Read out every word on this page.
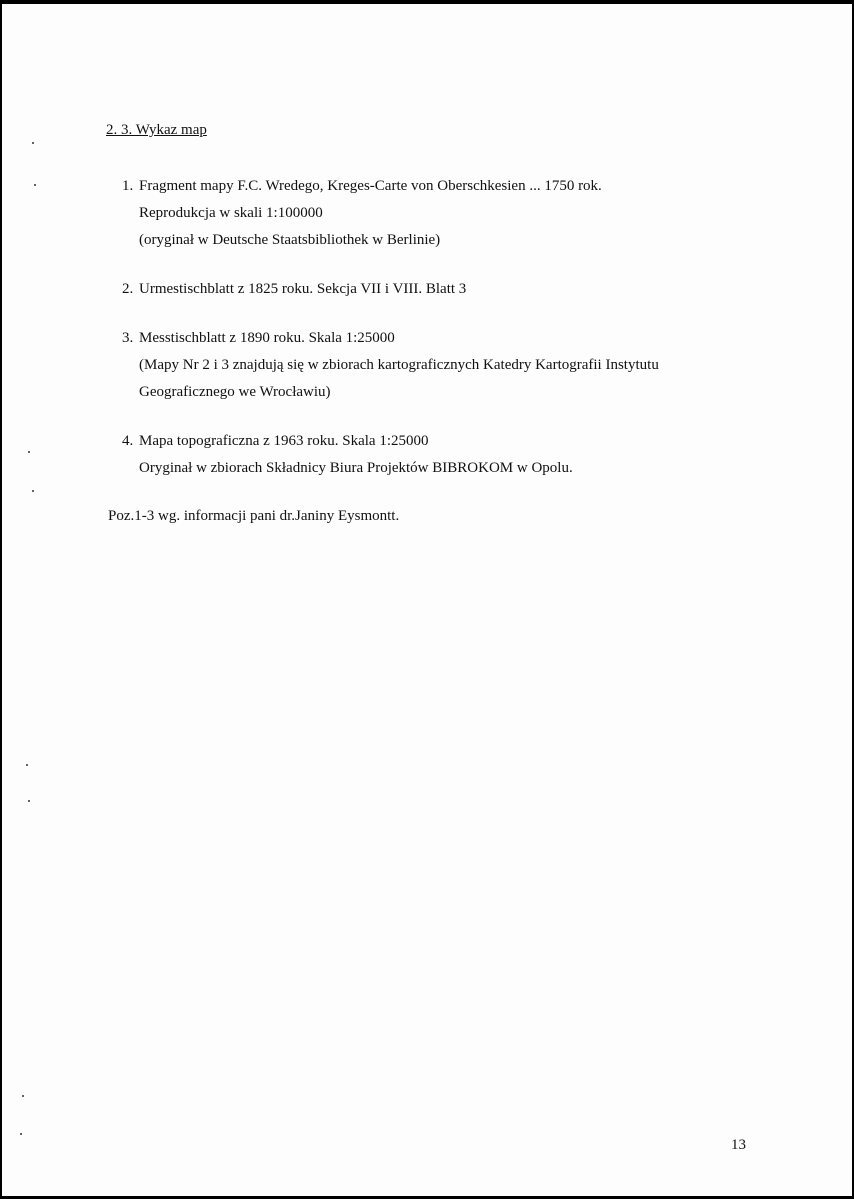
2. 3. Wykaz map
1. Fragment mapy F.C. Wredego, Kreges-Carte von Oberschkesien ... 1750 rok.
Reprodukcja w skali 1:100000
(oryginał w Deutsche Staatsbibliothek w Berlinie)
2. Urmestischblatt z 1825 roku. Sekcja VII i VIII. Blatt 3
3. Messtischblatt z 1890 roku. Skala 1:25000
(Mapy Nr 2 i 3 znajdują się w zbiorach kartograficznych Katedry Kartografii Instytutu
Geograficznego we Wrocławiu)
4. Mapa topograficzna z 1963 roku. Skala 1:25000
Oryginał w zbiorach Składnicy Biura Projektów BIBROKOM w Opolu.
Poz.1-3 wg. informacji pani dr.Janiny Eysmontt.
13
